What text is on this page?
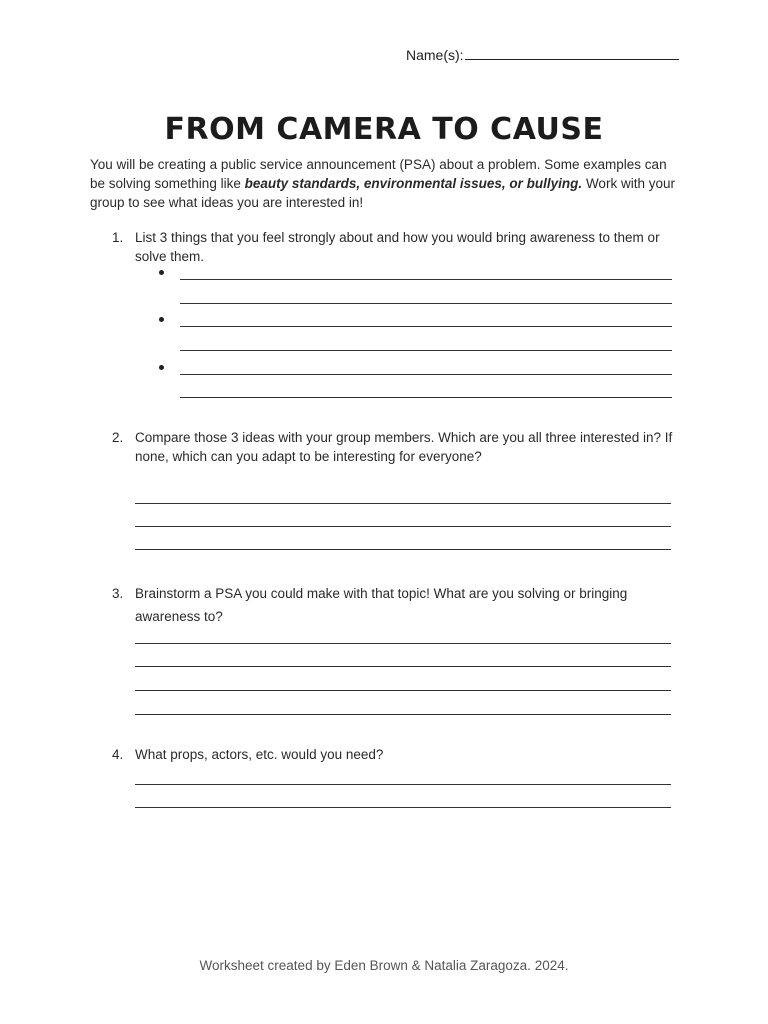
Name(s):
FROM CAMERA TO CAUSE
You will be creating a public service announcement (PSA) about a problem. Some examples can be solving something like beauty standards, environmental issues, or bullying. Work with your group to see what ideas you are interested in!
1. List 3 things that you feel strongly about and how you would bring awareness to them or solve them.
2. Compare those 3 ideas with your group members. Which are you all three interested in? If none, which can you adapt to be interesting for everyone?
3. Brainstorm a PSA you could make with that topic! What are you solving or bringing awareness to?
4. What props, actors, etc. would you need?
Worksheet created by Eden Brown & Natalia Zaragoza. 2024.
